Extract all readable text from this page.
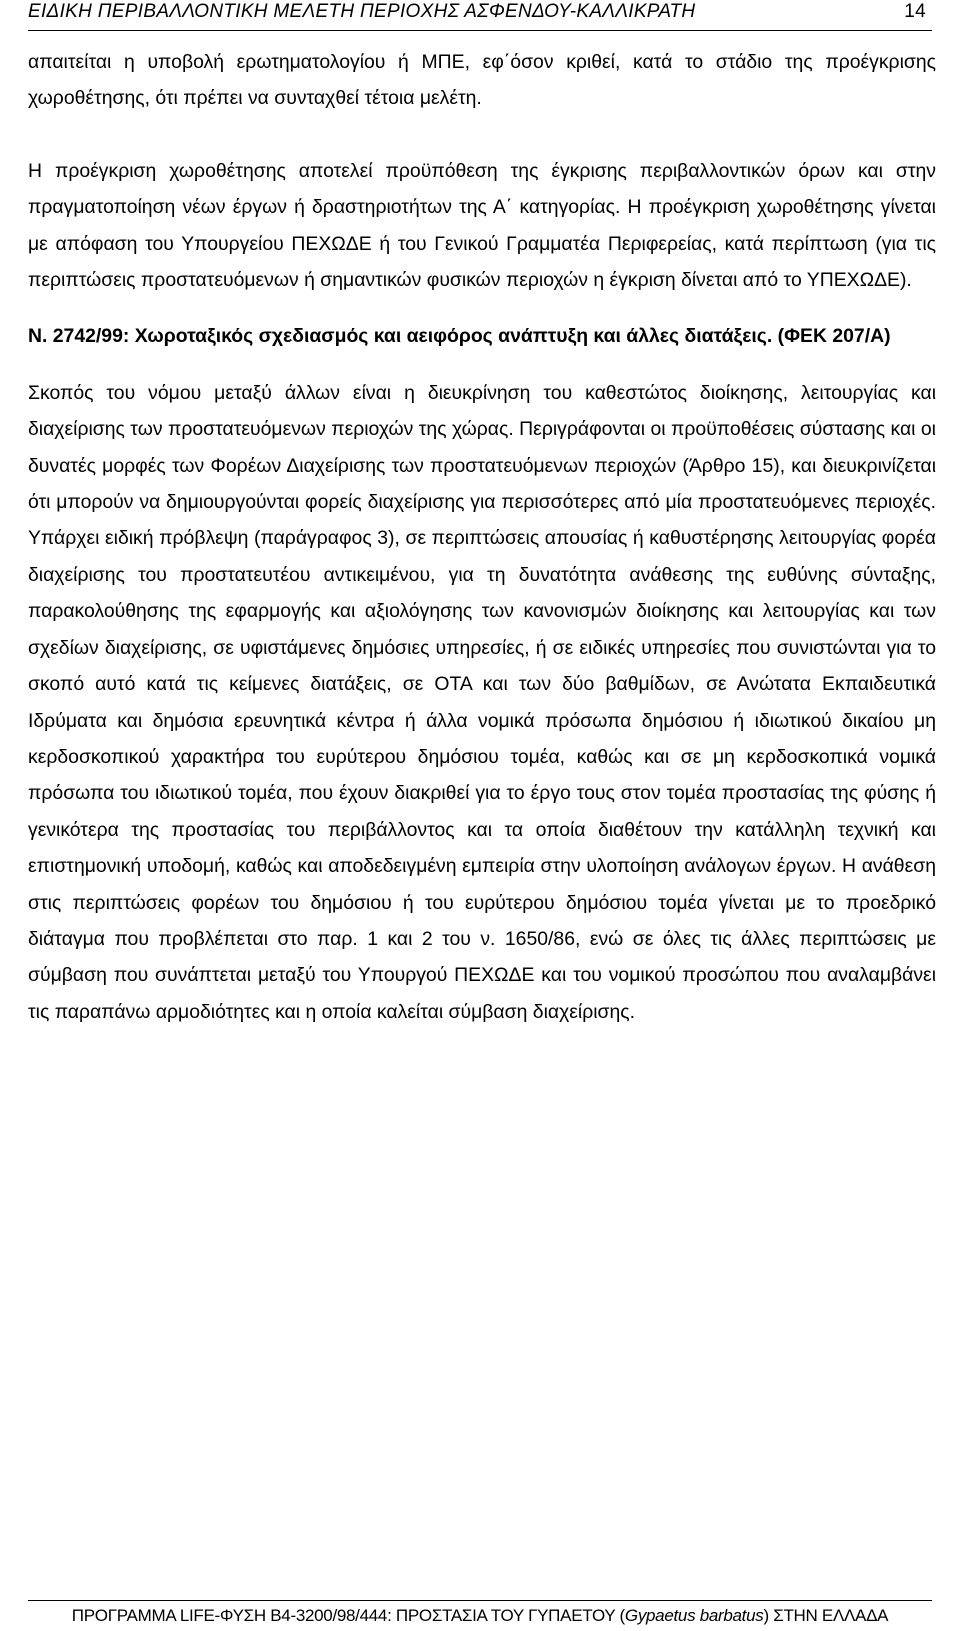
ΕΙΔΙΚΗ ΠΕΡΙΒΑΛΛΟΝΤΙΚΗ ΜΕΛΕΤΗ ΠΕΡΙΟΧΗΣ ΑΣΦΕΝΔΟΥ-ΚΑΛΛΙΚΡΑΤΗ	14

απαιτείται η υποβολή ερωτηματολογίου ή ΜΠΕ, εφ΄όσον κριθεί, κατά το στάδιο της προέγκρισης χωροθέτησης, ότι πρέπει να συνταχθεί τέτοια μελέτη.

Η προέγκριση χωροθέτησης αποτελεί προϋπόθεση της έγκρισης περιβαλλοντικών όρων και στην πραγματοποίηση νέων έργων ή δραστηριοτήτων της Α΄ κατηγορίας. Η προέγκριση χωροθέτησης γίνεται με απόφαση του Υπουργείου ΠΕΧΩΔΕ ή του Γενικού Γραμματέα Περιφερείας, κατά περίπτωση (για τις περιπτώσεις προστατευόμενων ή σημαντικών φυσικών περιοχών η έγκριση δίνεται από το ΥΠΕΧΩΔΕ).

Ν. 2742/99: Χωροταξικός σχεδιασμός και αειφόρος ανάπτυξη και άλλες διατάξεις. (ΦΕΚ 207/Α)

Σκοπός του νόμου μεταξύ άλλων είναι η διευκρίνηση του καθεστώτος διοίκησης, λειτουργίας και διαχείρισης των προστατευόμενων περιοχών της χώρας. Περιγράφονται οι προϋποθέσεις σύστασης και οι δυνατές μορφές των Φορέων Διαχείρισης των προστατευόμενων περιοχών (Άρθρο 15), και διευκρινίζεται ότι μπορούν να δημιουργούνται φορείς διαχείρισης για περισσότερες από μία προστατευόμενες περιοχές. Υπάρχει ειδική πρόβλεψη (παράγραφος 3), σε περιπτώσεις απουσίας ή καθυστέρησης λειτουργίας φορέα διαχείρισης του προστατευτέου αντικειμένου, για τη δυνατότητα ανάθεσης της ευθύνης σύνταξης, παρακολούθησης της εφαρμογής και αξιολόγησης των κανονισμών διοίκησης και λειτουργίας και των σχεδίων διαχείρισης, σε υφιστάμενες δημόσιες υπηρεσίες, ή σε ειδικές υπηρεσίες που συνιστώνται για το σκοπό αυτό κατά τις κείμενες διατάξεις, σε ΟΤΑ και των δύο βαθμίδων, σε Ανώτατα Εκπαιδευτικά Ιδρύματα και δημόσια ερευνητικά κέντρα ή άλλα νομικά πρόσωπα δημόσιου ή ιδιωτικού δικαίου μη κερδοσκοπικού χαρακτήρα του ευρύτερου δημόσιου τομέα, καθώς και σε μη κερδοσκοπικά νομικά πρόσωπα του ιδιωτικού τομέα, που έχουν διακριθεί για το έργο τους στον τομέα προστασίας της φύσης ή γενικότερα της προστασίας του περιβάλλοντος και τα οποία διαθέτουν την κατάλληλη τεχνική και επιστημονική υποδομή, καθώς και αποδεδειγμένη εμπειρία στην υλοποίηση ανάλογων έργων. Η ανάθεση στις περιπτώσεις φορέων του δημόσιου ή του ευρύτερου δημόσιου τομέα γίνεται με το προεδρικό διάταγμα που προβλέπεται στο παρ. 1 και 2 του ν. 1650/86, ενώ σε όλες τις άλλες περιπτώσεις με σύμβαση που συνάπτεται μεταξύ του Υπουργού ΠΕΧΩΔΕ και του νομικού προσώπου που αναλαμβάνει τις παραπάνω αρμοδιότητες και η οποία καλείται σύμβαση διαχείρισης.

ΠΡΟΓΡΑΜΜΑ LIFE-ΦΥΣΗ B4-3200/98/444: ΠΡΟΣΤΑΣΙΑ ΤΟΥ ΓΥΠΑΕΤΟΥ (Gypaetus barbatus) ΣΤΗΝ ΕΛΛΑΔΑ
